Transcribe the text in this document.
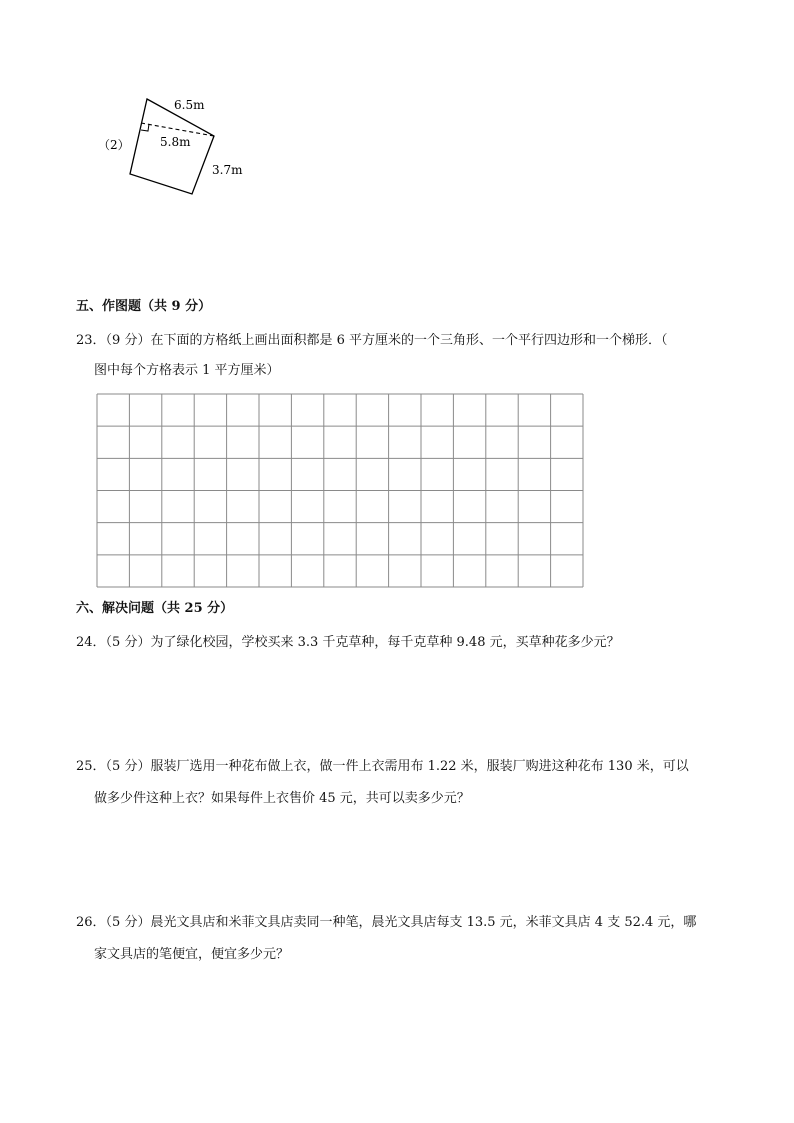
（2）
6.5m
5.8m
3.7m
五、作图题（共 9 分）
23．（9 分）在下面的方格纸上画出面积都是 6 平方厘米的一个三角形、一个平行四边形和一个梯形．（
图中每个方格表示 1 平方厘米）
六、解决问题（共 25 分）
24．（5 分）为了绿化校园，学校买来 3.3 千克草种，每千克草种 9.48 元，买草种花多少元？
25．（5 分）服装厂选用一种花布做上衣，做一件上衣需用布 1.22 米，服装厂购进这种花布 130 米，可以
做多少件这种上衣？如果每件上衣售价 45 元，共可以卖多少元？
26．（5 分）晨光文具店和米菲文具店卖同一种笔，晨光文具店每支 13.5 元，米菲文具店 4 支 52.4 元，哪
家文具店的笔便宜，便宜多少元？
